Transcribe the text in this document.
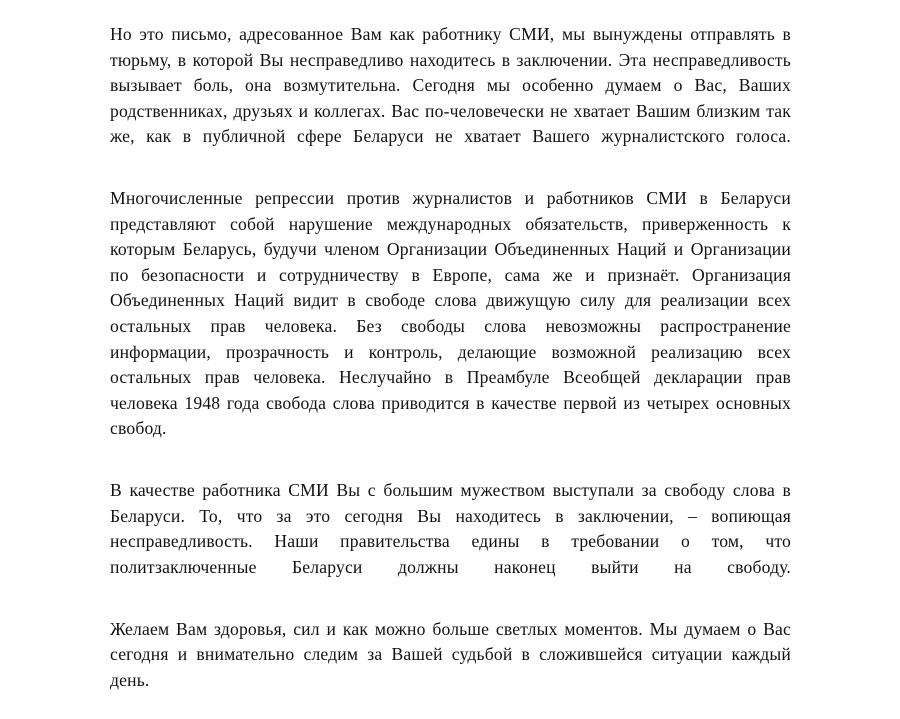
Но это письмо, адресованное Вам как работнику СМИ, мы вынуждены отправлять в тюрьму, в которой Вы несправедливо находитесь в заключении. Эта несправедливость вызывает боль, она возмутительна. Сегодня мы особенно думаем о Вас, Ваших родственниках, друзьях и коллегах. Вас по-человечески не хватает Вашим близким так же, как в публичной сфере Беларуси не хватает Вашего журналистского голоса.

Многочисленные репрессии против журналистов и работников СМИ в Беларуси представляют собой нарушение международных обязательств, приверженность к которым Беларусь, будучи членом Организации Объединенных Наций и Организации по безопасности и сотрудничеству в Европе, сама же и признаёт. Организация Объединенных Наций видит в свободе слова движущую силу для реализации всех остальных прав человека. Без свободы слова невозможны распространение информации, прозрачность и контроль, делающие возможной реализацию всех остальных прав человека. Неслучайно в Преамбуле Всеобщей декларации прав человека 1948 года свобода слова приводится в качестве первой из четырех основных свобод.

В качестве работника СМИ Вы с большим мужеством выступали за свободу слова в Беларуси. То, что за это сегодня Вы находитесь в заключении, – вопиющая несправедливость. Наши правительства едины в требовании о том, что политзаключенные Беларуси должны наконец выйти на свободу.

Желаем Вам здоровья, сил и как можно больше светлых моментов. Мы думаем о Вас сегодня и внимательно следим за Вашей судьбой в сложившейся ситуации каждый день.
